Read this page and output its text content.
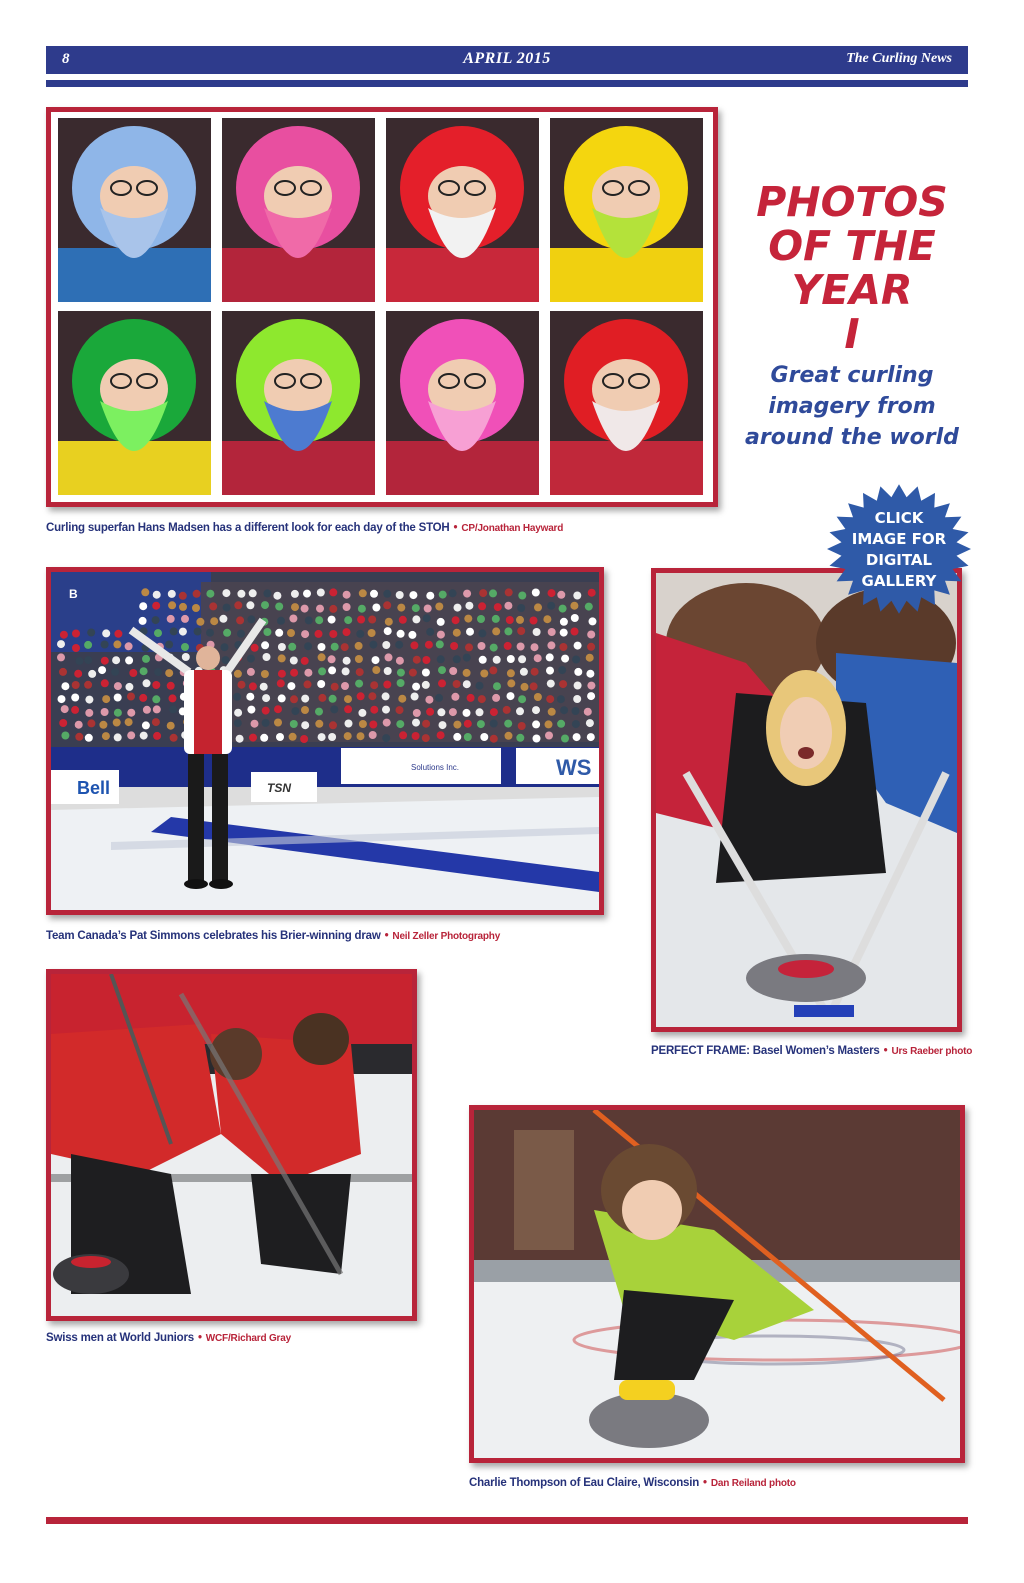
8	APRIL 2015	The Curling News
Curling superfan Hans Madsen has a different look for each day of the STOH • CP/Jonathan Hayward
PHOTOS
OF THE
YEAR
I
Great curling
imagery from
around the world
B
Solutions Inc.	WS
Bell	TSN
Team Canada’s Pat Simmons celebrates his Brier-winning draw • Neil Zeller Photography
PERFECT FRAME: Basel Women’s Masters • Urs Raeber photo
CLICK
IMAGE FOR
DIGITAL
GALLERY
Swiss men at World Juniors • WCF/Richard Gray
Charlie Thompson of Eau Claire, Wisconsin • Dan Reiland photo
